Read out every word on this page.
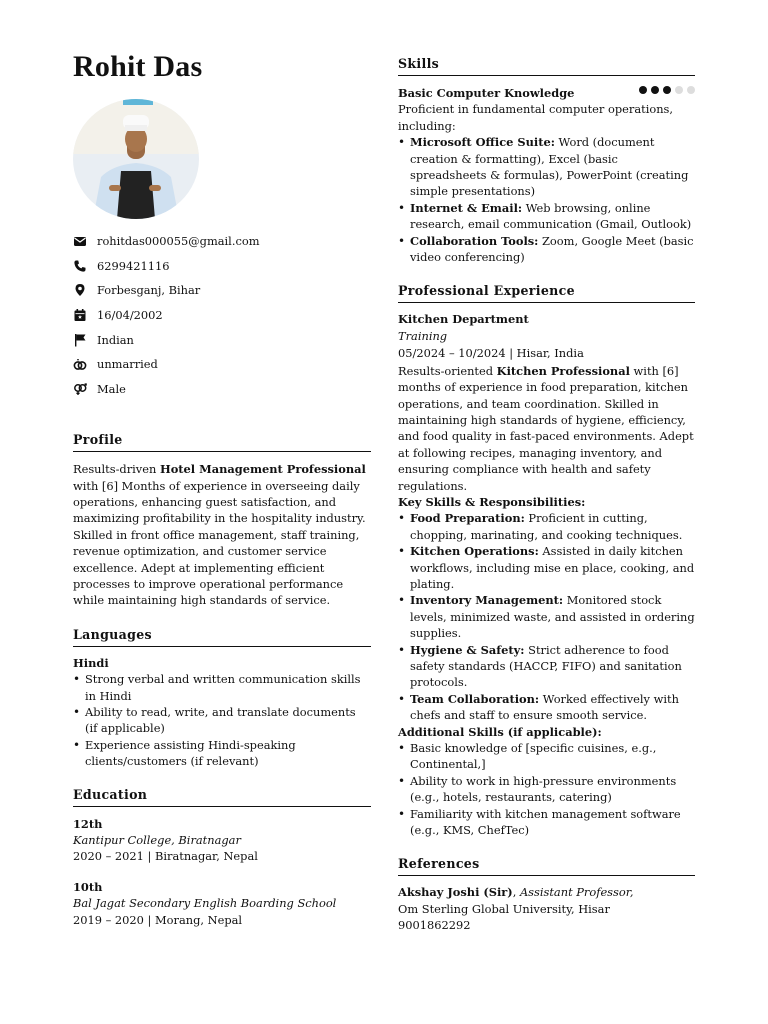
Rohit Das
rohitdas000055@gmail.com
6299421116
Forbesganj, Bihar
16/04/2002
Indian
unmarried
Male
Profile

Results-driven Hotel Management Professional with [6] Months of experience in overseeing daily operations, enhancing guest satisfaction, and maximizing profitability in the hospitality industry. Skilled in front office management, staff training, revenue optimization, and customer service excellence. Adept at implementing efficient processes to improve operational performance while maintaining high standards of service.

Languages
Hindi
• Strong verbal and written communication skills in Hindi
• Ability to read, write, and translate documents (if applicable)
• Experience assisting Hindi-speaking clients/customers (if relevant)
Education
12th
Kantipur College, Biratnagar
2020 – 2021 | Biratnagar, Nepal
10th
Bal Jagat Secondary English Boarding School
2019 – 2020 | Morang, Nepal
Skills
Basic Computer Knowledge

Proficient in fundamental computer operations, including:

• Microsoft Office Suite: Word (document creation & formatting), Excel (basic spreadsheets & formulas), PowerPoint (creating simple presentations)
• Internet & Email: Web browsing, online research, email communication (Gmail, Outlook)
• Collaboration Tools: Zoom, Google Meet (basic video conferencing)
Professional Experience
Kitchen Department
Training
05/2024 – 10/2024 | Hisar, India

Results-oriented Kitchen Professional with [6] months of experience in food preparation, kitchen operations, and team coordination. Skilled in maintaining high standards of hygiene, efficiency, and food quality in fast-paced environments. Adept at following recipes, managing inventory, and ensuring compliance with health and safety regulations.

Key Skills & Responsibilities:
• Food Preparation: Proficient in cutting, chopping, marinating, and cooking techniques.
• Kitchen Operations: Assisted in daily kitchen workflows, including mise en place, cooking, and plating.
• Inventory Management: Monitored stock levels, minimized waste, and assisted in ordering supplies.
• Hygiene & Safety: Strict adherence to food safety standards (HACCP, FIFO) and sanitation protocols.
• Team Collaboration: Worked effectively with chefs and staff to ensure smooth service.
Additional Skills (if applicable):
• Basic knowledge of [specific cuisines, e.g., Continental,]
• Ability to work in high-pressure environments (e.g., hotels, restaurants, catering)
• Familiarity with kitchen management software (e.g., KMS, ChefTec)
References
Akshay Joshi (Sir), Assistant Professor,
Om Sterling Global University, Hisar
9001862292
